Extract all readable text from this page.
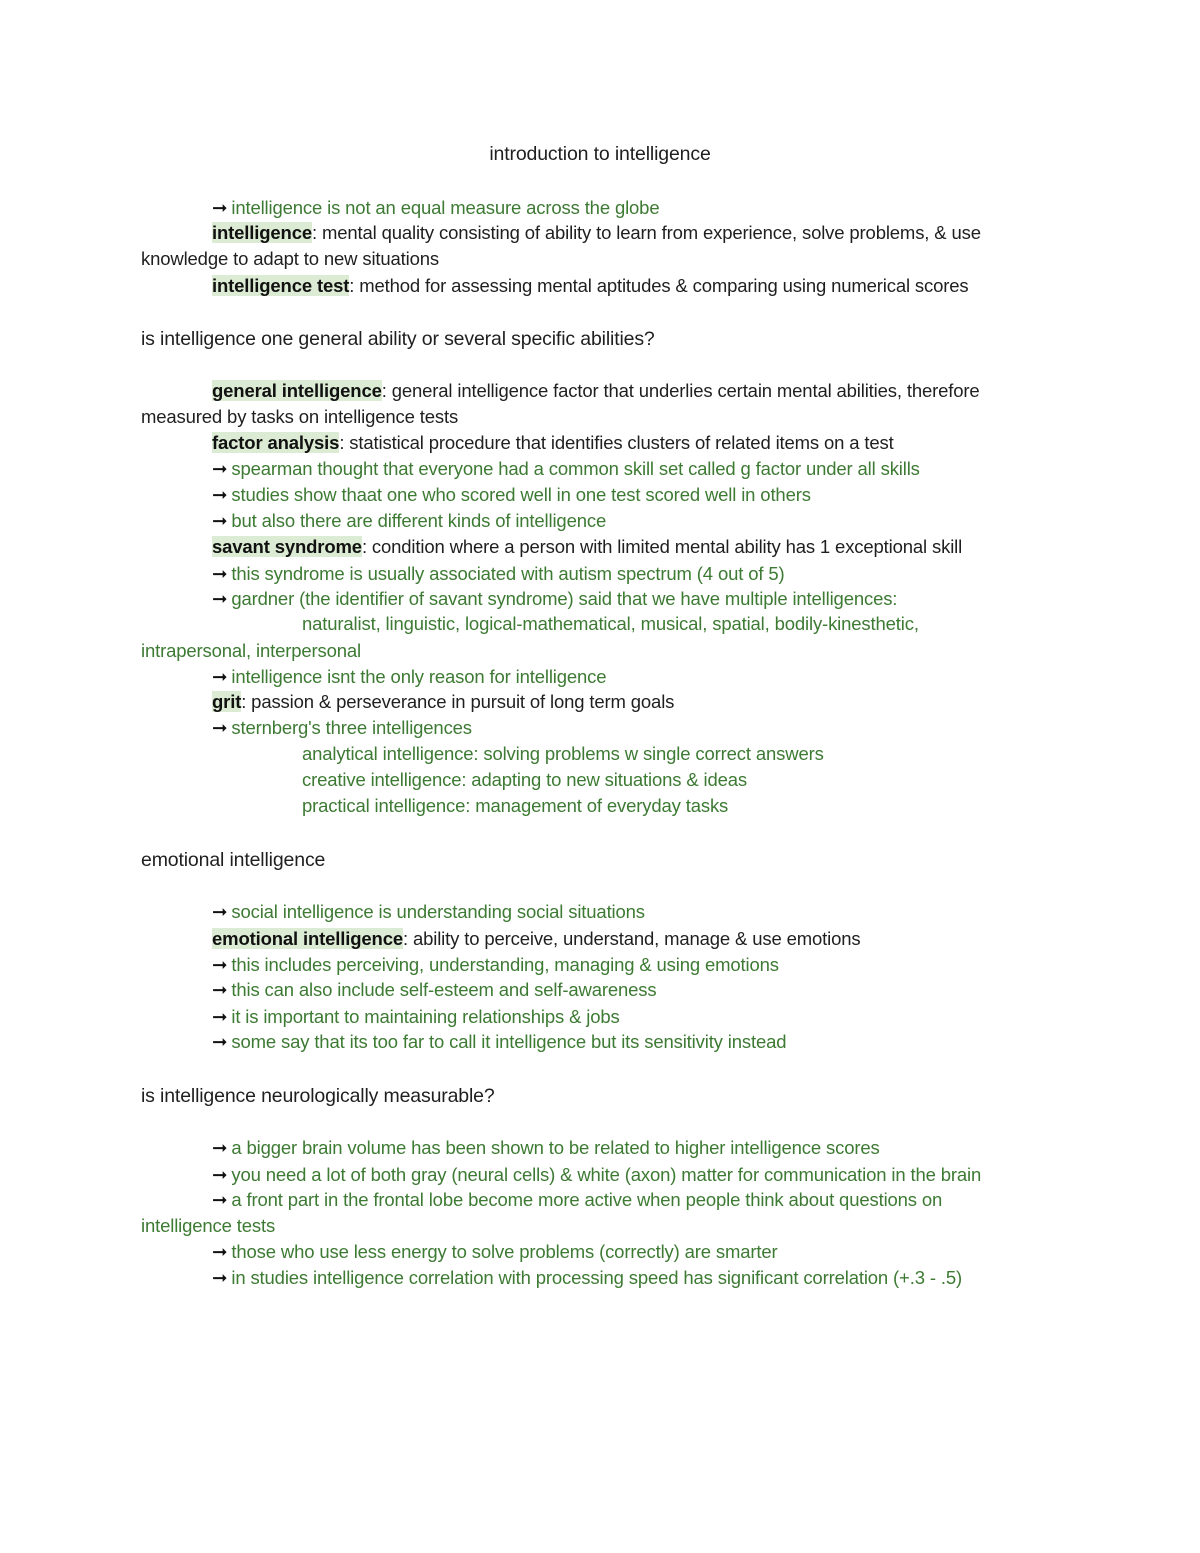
introduction to intelligence
➞ intelligence is not an equal measure across the globe
intelligence: mental quality consisting of ability to learn from experience, solve problems, & use
knowledge to adapt to new situations
intelligence test: method for assessing mental aptitudes & comparing using numerical scores
is intelligence one general ability or several specific abilities?
general intelligence: general intelligence factor that underlies certain mental abilities, therefore
measured by tasks on intelligence tests
factor analysis: statistical procedure that identifies clusters of related items on a test
➞ spearman thought that everyone had a common skill set called g factor under all skills
➞ studies show thaat one who scored well in one test scored well in others
➞ but also there are different kinds of intelligence
savant syndrome: condition where a person with limited mental ability has 1 exceptional skill
➞ this syndrome is usually associated with autism spectrum (4 out of 5)
➞ gardner (the identifier of savant syndrome) said that we have multiple intelligences:
naturalist, linguistic, logical-mathematical, musical, spatial, bodily-kinesthetic,
intrapersonal, interpersonal
➞ intelligence isnt the only reason for intelligence
grit: passion & perseverance in pursuit of long term goals
➞ sternberg's three intelligences
analytical intelligence: solving problems w single correct answers
creative intelligence: adapting to new situations & ideas
practical intelligence: management of everyday tasks
emotional intelligence
➞ social intelligence is understanding social situations
emotional intelligence: ability to perceive, understand, manage & use emotions
➞ this includes perceiving, understanding, managing & using emotions
➞ this can also include self-esteem and self-awareness
➞ it is important to maintaining relationships & jobs
➞ some say that its too far to call it intelligence but its sensitivity instead
is intelligence neurologically measurable?
➞ a bigger brain volume has been shown to be related to higher intelligence scores
➞ you need a lot of both gray (neural cells) & white (axon) matter for communication in the brain
➞ a front part in the frontal lobe become more active when people think about questions on
intelligence tests
➞ those who use less energy to solve problems (correctly) are smarter
➞ in studies intelligence correlation with processing speed has significant correlation (+.3 - .5)
